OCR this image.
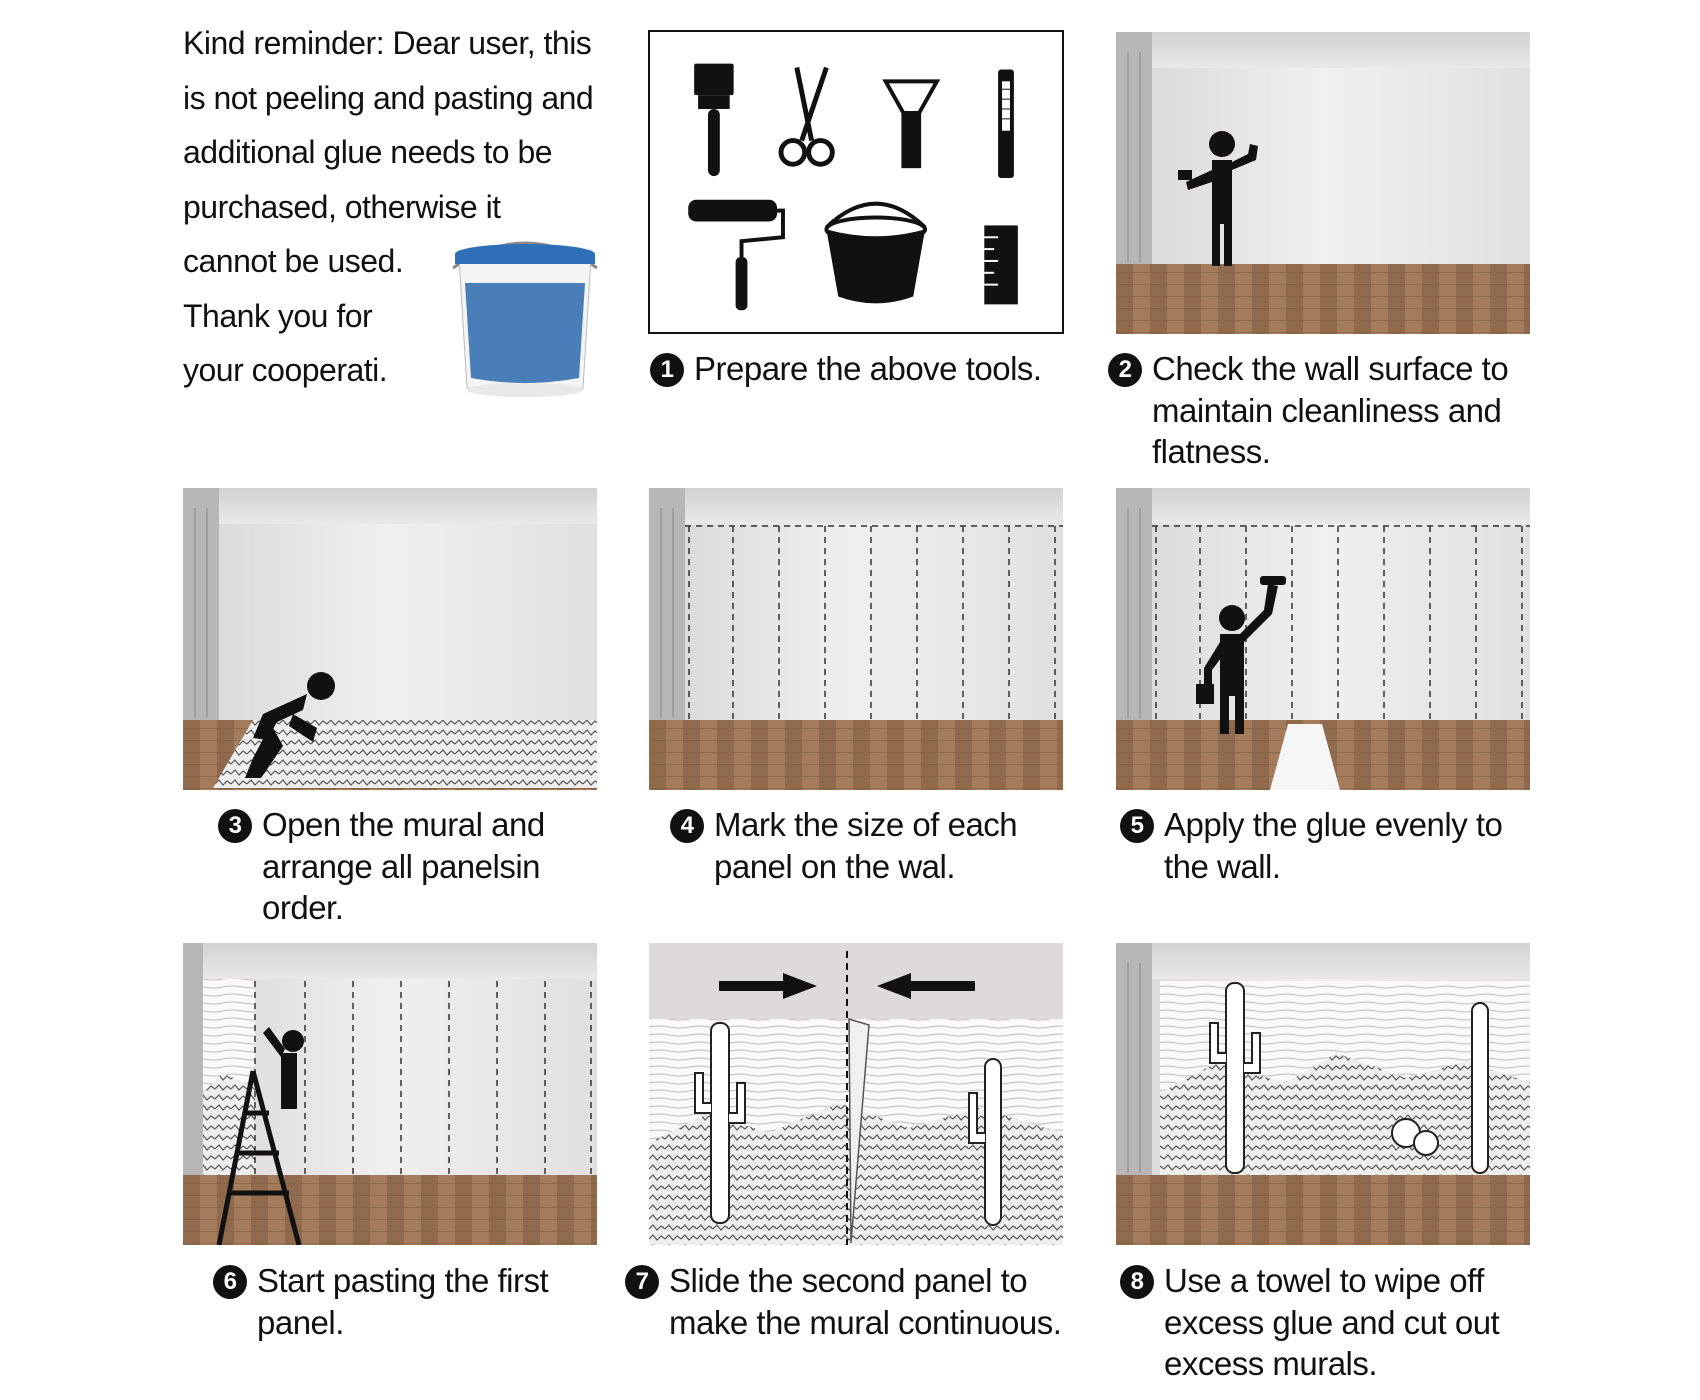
Kind reminder: Dear user, this
is not peeling and pasting and
additional glue needs to be
purchased, otherwise it
cannot be used.
Thank you for
your cooperati.	1 Prepare the above tools.	2 Check the wall surface to maintain cleanliness and flatness.
3 Open the mural and arrange all panelsin order.
4 Mark the size of each panel on the wal.
5 Apply the glue evenly to the wall.
6 Start pasting the first panel.
7 Slide the second panel to make the mural continuous.
8 Use a towel to wipe off excess glue and cut out excess murals.
